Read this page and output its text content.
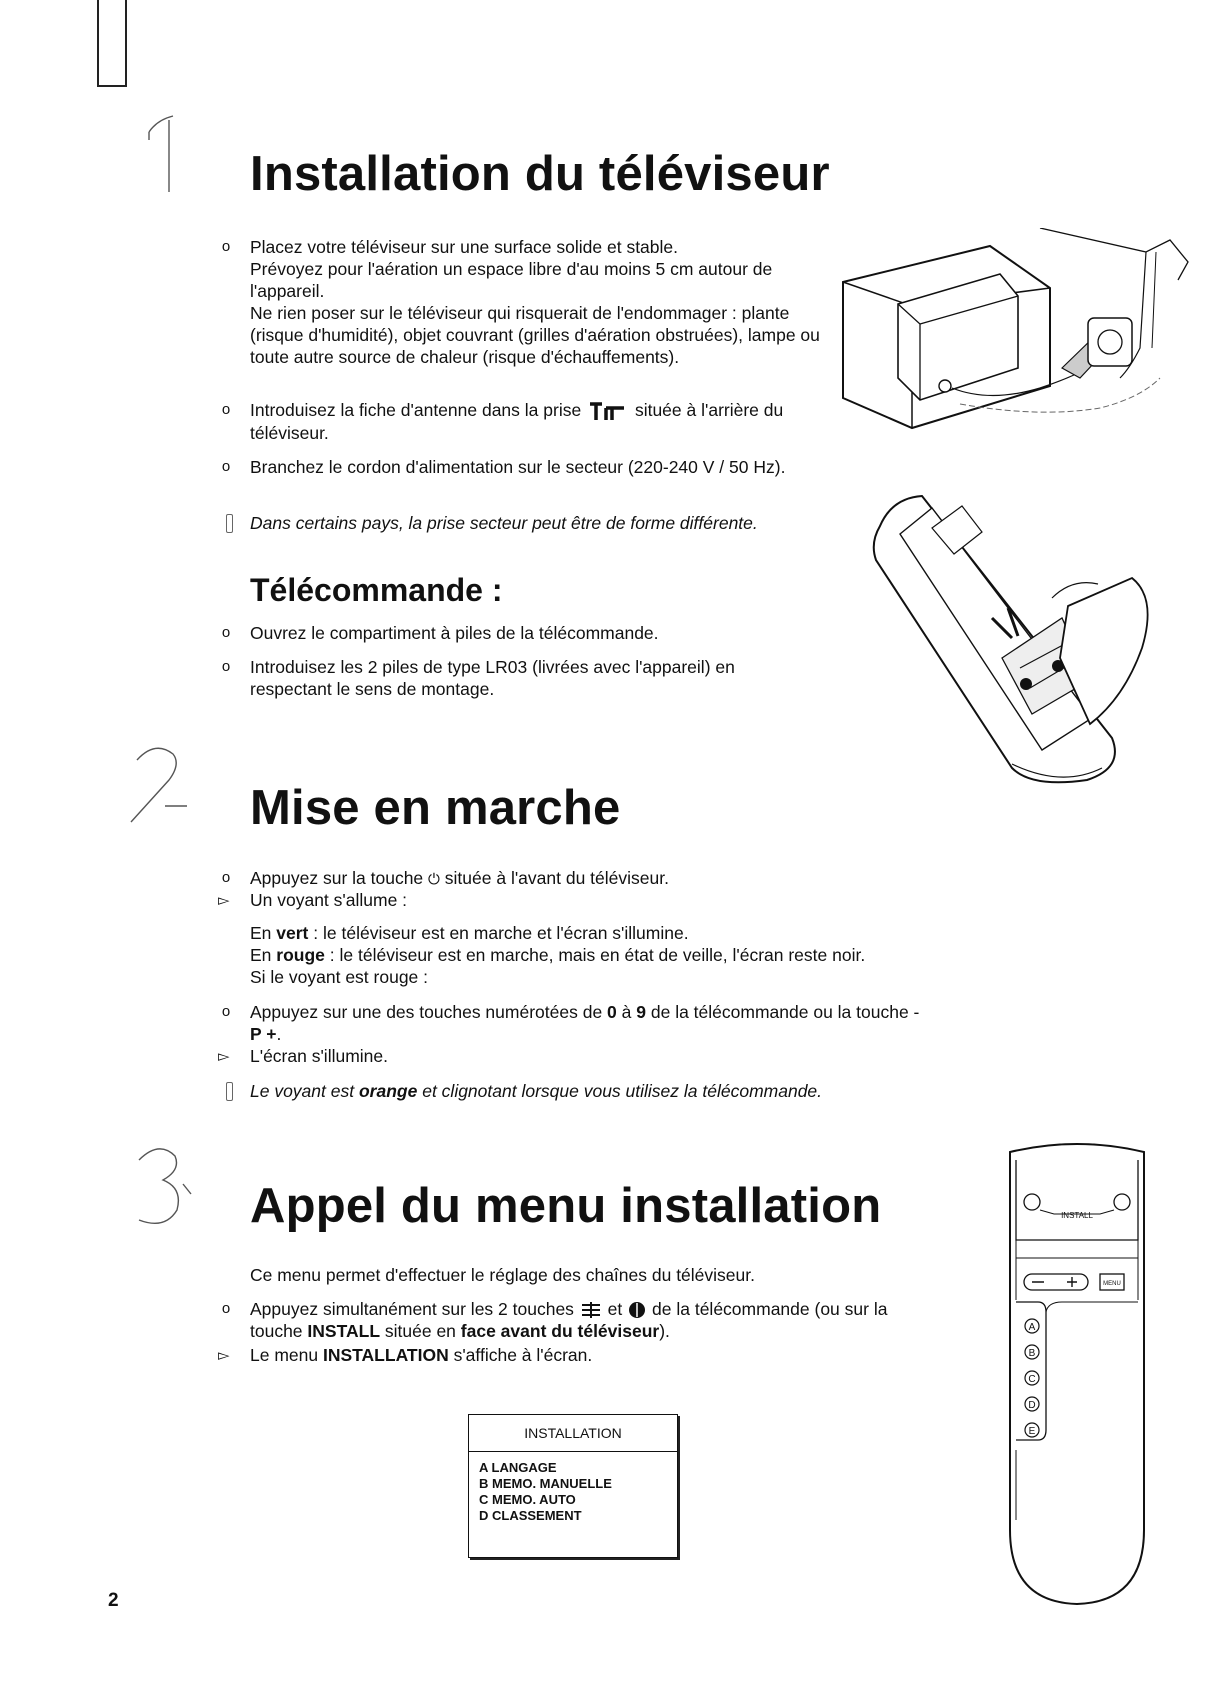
Installation du téléviseur
o Placez votre téléviseur sur une surface solide et stable.
Prévoyez pour l'aération un espace libre d'au moins 5 cm autour de l'appareil.
Ne rien poser sur le téléviseur qui risquerait de l'endommager : plante (risque d'humidité), objet couvrant (grilles d'aération obstruées), lampe ou toute autre source de chaleur (risque d'échauffements).
o Introduisez la fiche d'antenne dans la prise	située à l'arrière du téléviseur.
o Branchez le cordon d'alimentation sur le secteur (220-240 V / 50 Hz).
Dans certains pays, la prise secteur peut être de forme différente.
Télécommande :
o Ouvrez le compartiment à piles de la télécommande.
o Introduisez les 2 piles de type LR03 (livrées avec l'appareil) en respectant le sens de montage.
Mise en marche
o Appuyez sur la touche ⏻ située à l'avant du téléviseur.
▻ Un voyant s'allume :
En vert : le téléviseur est en marche et l'écran s'illumine.
En rouge : le téléviseur est en marche, mais en état de veille, l'écran reste noir.
Si le voyant est rouge :
o Appuyez sur une des touches numérotées de 0 à 9 de la télécommande ou la touche - P +.
▻ L'écran s'illumine.
Le voyant est orange et clignotant lorsque vous utilisez la télécommande.
Appel du menu installation
Ce menu permet d'effectuer le réglage des chaînes du téléviseur.
o Appuyez simultanément sur les 2 touches et de la télécommande (ou sur la touche INSTALL située en face avant du téléviseur).
▻ Le menu INSTALLATION s'affiche à l'écran.
INSTALLATION
A LANGAGE
B MEMO. MANUELLE
C MEMO. AUTO
D CLASSEMENT
INSTALL
MENU
A
B
C
D
E
2
